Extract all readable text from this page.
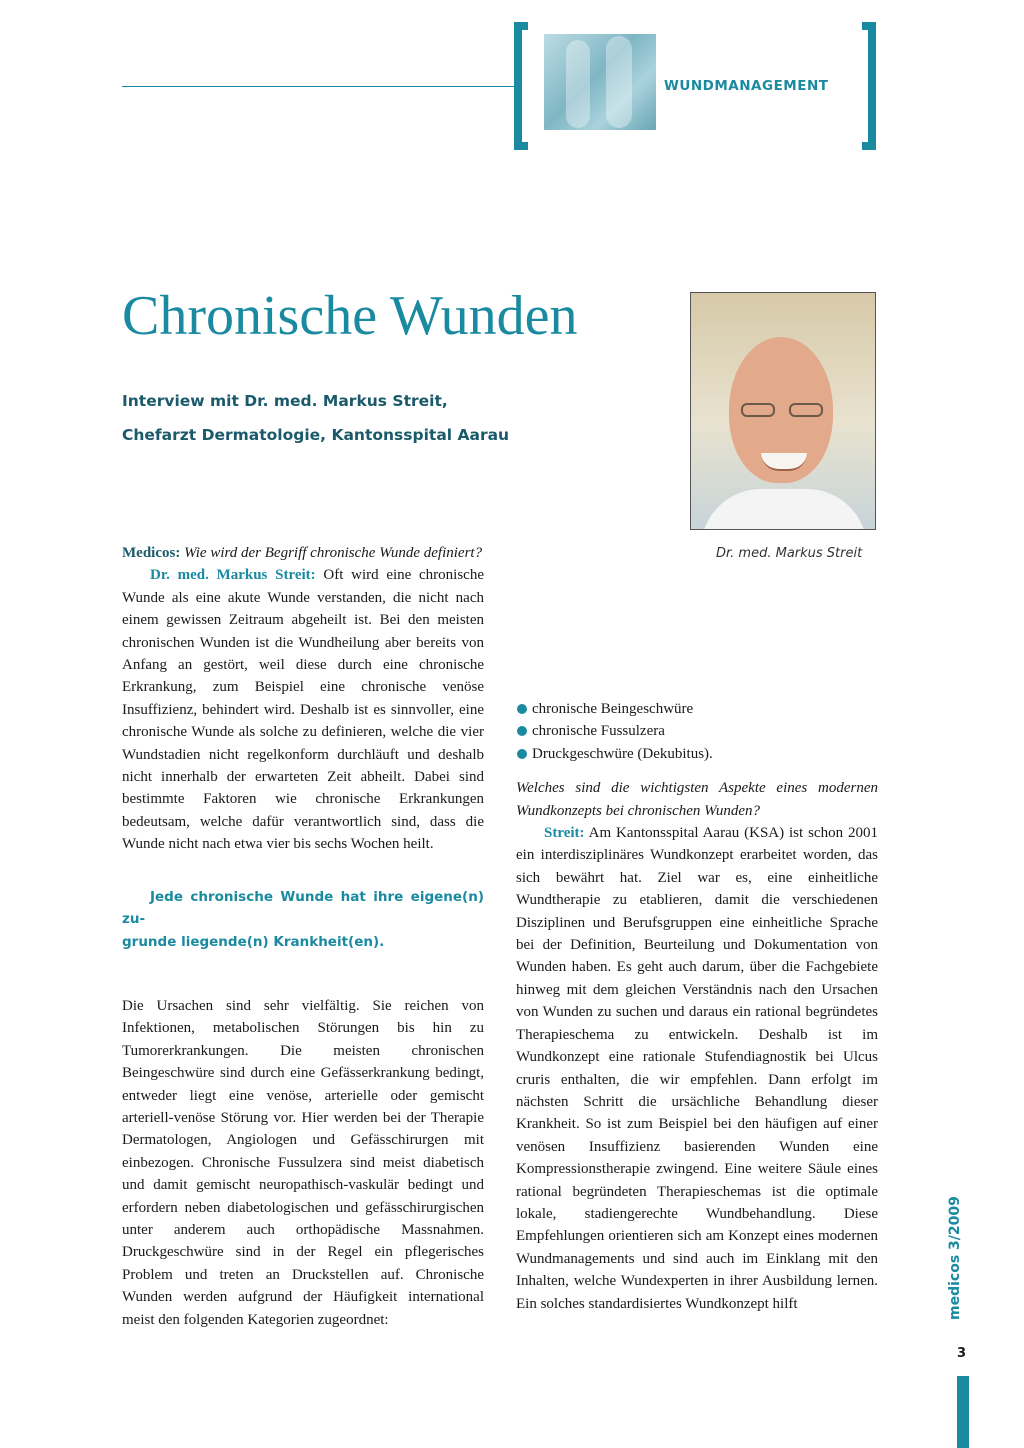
WUNDMANAGEMENT
Chronische Wunden
Interview mit Dr. med. Markus Streit,
Chefarzt Dermatologie, Kantonsspital Aarau
Dr. med. Markus Streit

Medicos: Wie wird der Begriff chronische Wunde definiert?

Dr. med. Markus Streit: Oft wird eine chronische Wunde als eine akute Wunde verstanden, die nicht nach einem gewissen Zeitraum abgeheilt ist. Bei den meisten chronischen Wunden ist die Wundheilung aber bereits von Anfang an gestört, weil diese durch eine chronische Erkrankung, zum Beispiel eine chronische venöse Insuffizienz, behindert wird. Deshalb ist es sinnvoller, eine chronische Wunde als solche zu definieren, welche die vier Wundstadien nicht regelkonform durchläuft und deshalb nicht innerhalb der erwarteten Zeit abheilt. Dabei sind bestimmte Faktoren wie chronische Erkrankungen bedeutsam, welche dafür verantwortlich sind, dass die Wunde nicht nach etwa vier bis sechs Wochen heilt.

Jede chronische Wunde hat ihre eigene(n) zu-
grunde liegende(n) Krankheit(en).

Die Ursachen sind sehr vielfältig. Sie reichen von Infektionen, metabolischen Störungen bis hin zu Tumorerkrankungen. Die meisten chronischen Beingeschwüre sind durch eine Gefässerkrankung bedingt, entweder liegt eine venöse, arterielle oder gemischt arteriell-venöse Störung vor. Hier werden bei der Therapie Dermatologen, Angiologen und Gefässchirurgen mit einbezogen. Chronische Fussulzera sind meist diabetisch und damit gemischt neuropathisch-vaskulär bedingt und erfordern neben diabetologischen und gefässchirurgischen unter anderem auch orthopädische Massnahmen. Druckgeschwüre sind in der Regel ein pflegerisches Problem und treten an Druckstellen auf. Chronische Wunden werden aufgrund der Häufigkeit international meist den folgenden Kategorien zugeordnet:

chronische Beingeschwüre
chronische Fussulzera
Druckgeschwüre (Dekubitus).

Welches sind die wichtigsten Aspekte eines modernen Wundkonzepts bei chronischen Wunden?

Streit: Am Kantonsspital Aarau (KSA) ist schon 2001 ein interdisziplinäres Wundkonzept erarbeitet worden, das sich bewährt hat. Ziel war es, eine einheitliche Wundtherapie zu etablieren, damit die verschiedenen Disziplinen und Berufsgruppen eine einheitliche Sprache bei der Definition, Beurteilung und Dokumentation von Wunden haben. Es geht auch darum, über die Fachgebiete hinweg mit dem gleichen Verständnis nach den Ursachen von Wunden zu suchen und daraus ein rational begründetes Therapieschema zu entwickeln. Deshalb ist im Wundkonzept eine rationale Stufendiagnostik bei Ulcus cruris enthalten, die wir empfehlen. Dann erfolgt im nächsten Schritt die ursächliche Behandlung dieser Krankheit. So ist zum Beispiel bei den häufigen auf einer venösen Insuffizienz basierenden Wunden eine Kompressionstherapie zwingend. Eine weitere Säule eines rational begründeten Therapieschemas ist die optimale lokale, stadiengerechte Wundbehandlung. Diese Empfehlungen orientieren sich am Konzept eines modernen Wundmanagements und sind auch im Einklang mit den Inhalten, welche Wundexperten in ihrer Ausbildung lernen. Ein solches standardisiertes Wundkonzept hilft	medicos 3/2009
3
